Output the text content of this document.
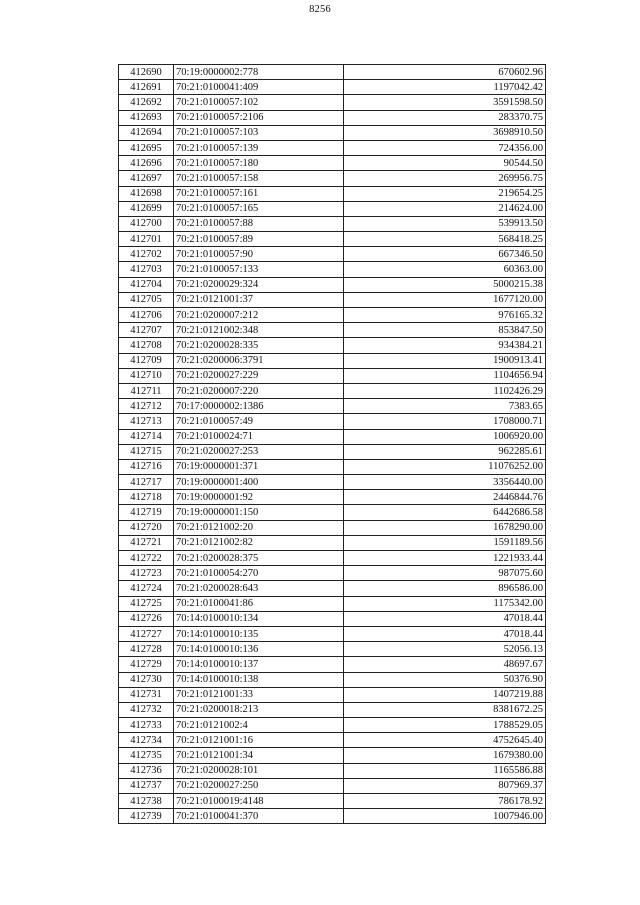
8256
412690	70:19:0000002:778	670602.96
412691	70:21:0100041:409	1197042.42
412692	70:21:0100057:102	3591598.50
412693	70:21:0100057:2106	283370.75
412694	70:21:0100057:103	3698910.50
412695	70:21:0100057:139	724356.00
412696	70:21:0100057:180	90544.50
412697	70:21:0100057:158	269956.75
412698	70:21:0100057:161	219654.25
412699	70:21:0100057:165	214624.00
412700	70:21:0100057:88	539913.50
412701	70:21:0100057:89	568418.25
412702	70:21:0100057:90	667346.50
412703	70:21:0100057:133	60363.00
412704	70:21:0200029:324	5000215.38
412705	70:21:0121001:37	1677120.00
412706	70:21:0200007:212	976165.32
412707	70:21:0121002:348	853847.50
412708	70:21:0200028:335	934384.21
412709	70:21:0200006:3791	1900913.41
412710	70:21:0200027:229	1104656.94
412711	70:21:0200007:220	1102426.29
412712	70:17:0000002:1386	7383.65
412713	70:21:0100057:49	1708000.71
412714	70:21:0100024:71	1006920.00
412715	70:21:0200027:253	962285.61
412716	70:19:0000001:371	11076252.00
412717	70:19:0000001:400	3356440.00
412718	70:19:0000001:92	2446844.76
412719	70:19:0000001:150	6442686.58
412720	70:21:0121002:20	1678290.00
412721	70:21:0121002:82	1591189.56
412722	70:21:0200028:375	1221933.44
412723	70:21:0100054:270	987075.60
412724	70:21:0200028:643	896586.00
412725	70:21:0100041:86	1175342.00
412726	70:14:0100010:134	47018.44
412727	70:14:0100010:135	47018.44
412728	70:14:0100010:136	52056.13
412729	70:14:0100010:137	48697.67
412730	70:14:0100010:138	50376.90
412731	70:21:0121001:33	1407219.88
412732	70:21:0200018:213	8381672.25
412733	70:21:0121002:4	1788529.05
412734	70:21:0121001:16	4752645.40
412735	70:21:0121001:34	1679380.00
412736	70:21:0200028:101	1165586.88
412737	70:21:0200027:250	807969.37
412738	70:21:0100019:4148	786178.92
412739	70:21:0100041:370	1007946.00
